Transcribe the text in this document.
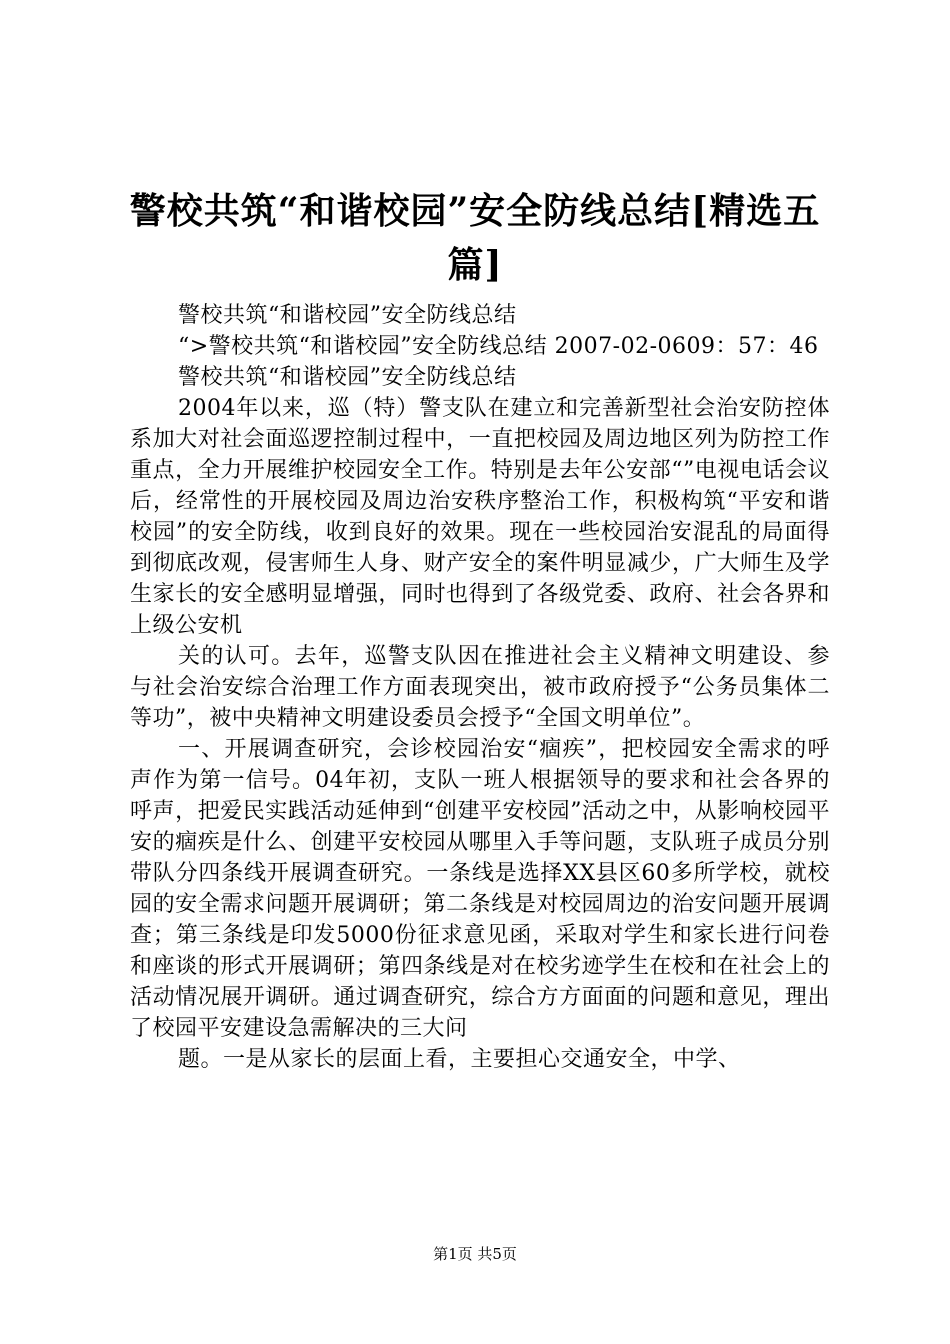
警校共筑“和谐校园”安全防线总结[精选五篇]

警校共筑“和谐校园”安全防线总结

“>警校共筑“和谐校园”安全防线总结 2007-02-0609：57：46

警校共筑“和谐校园”安全防线总结

2004年以来，巡（特）警支队在建立和完善新型社会治安防控体系加大对社会面巡逻控制过程中，一直把校园及周边地区列为防控工作重点，全力开展维护校园安全工作。特别是去年公安部“”电视电话会议后，经常性的开展校园及周边治安秩序整治工作，积极构筑“平安和谐校园”的安全防线，收到良好的效果。现在一些校园治安混乱的局面得到彻底改观，侵害师生人身、财产安全的案件明显减少，广大师生及学生家长的安全感明显增强，同时也得到了各级党委、政府、社会各界和上级公安机

关的认可。去年，巡警支队因在推进社会主义精神文明建设、参与社会治安综合治理工作方面表现突出，被市政府授予“公务员集体二等功”，被中央精神文明建设委员会授予“全国文明单位”。

一、开展调查研究，会诊校园治安“痼疾”，把校园安全需求的呼声作为第一信号。04年初，支队一班人根据领导的要求和社会各界的呼声，把爱民实践活动延伸到“创建平安校园”活动之中，从影响校园平安的痼疾是什么、创建平安校园从哪里入手等问题，支队班子成员分别带队分四条线开展调查研究。一条线是选择XX县区60多所学校，就校园的安全需求问题开展调研；第二条线是对校园周边的治安问题开展调查；第三条线是印发5000份征求意见函，采取对学生和家长进行问卷和座谈的形式开展调研；第四条线是对在校劣迹学生在校和在社会上的活动情况展开调研。通过调查研究，综合方方面面的问题和意见，理出了校园平安建设急需解决的三大问

题。一是从家长的层面上看，主要担心交通安全，中学、

第1页 共5页
